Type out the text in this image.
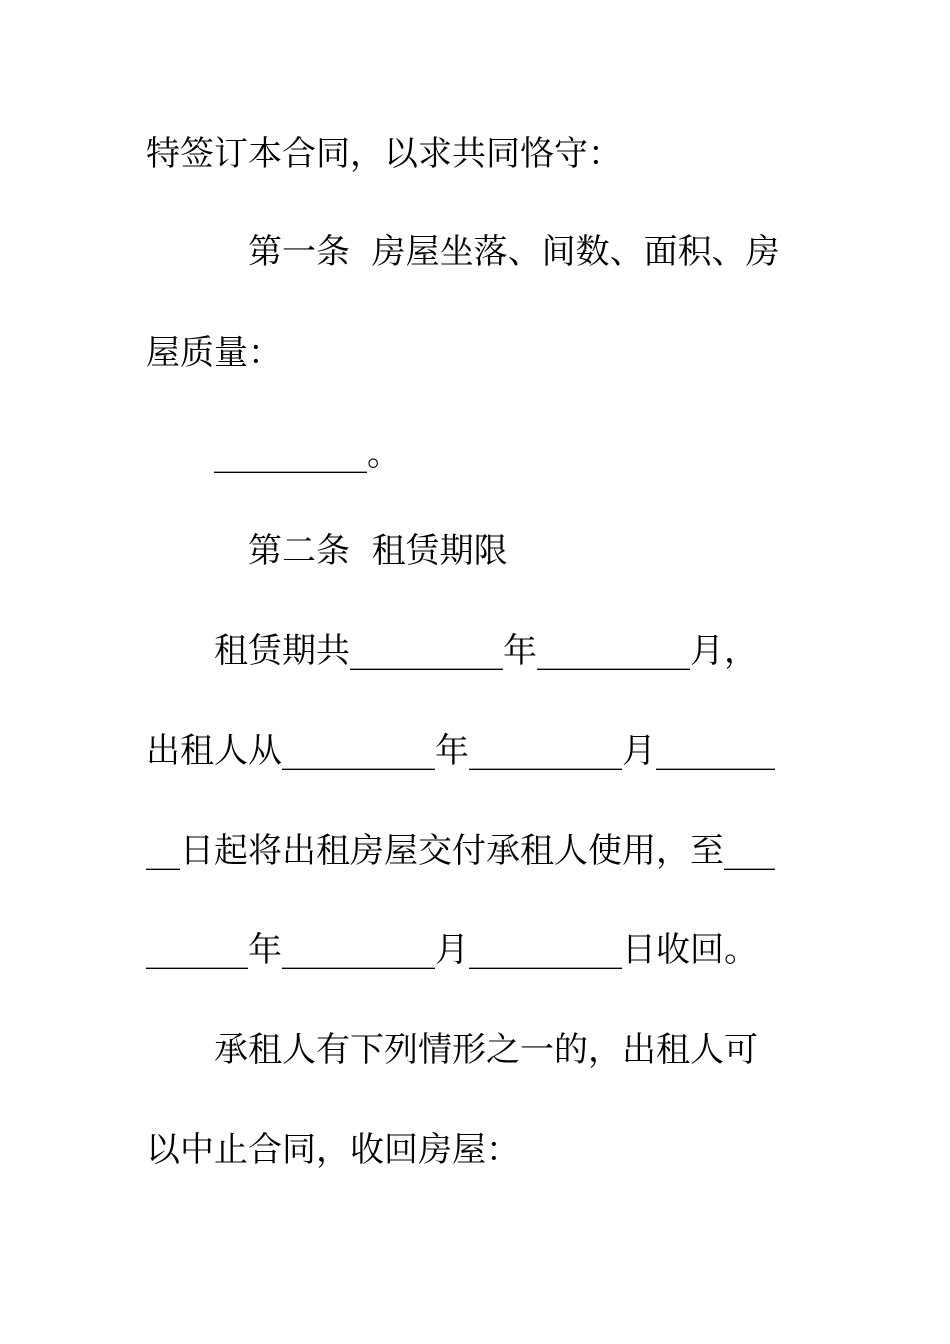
特签订本合同，以求共同恪守：
第一条  房屋坐落、间数、面积、房
屋质量：
_________。
第二条  租赁期限
租赁期共_________年_________月，
出租人从_________年_________月_______
__日起将出租房屋交付承租人使用，至___
______年_________月_________日收回。
承租人有下列情形之一的，出租人可
以中止合同，收回房屋：
